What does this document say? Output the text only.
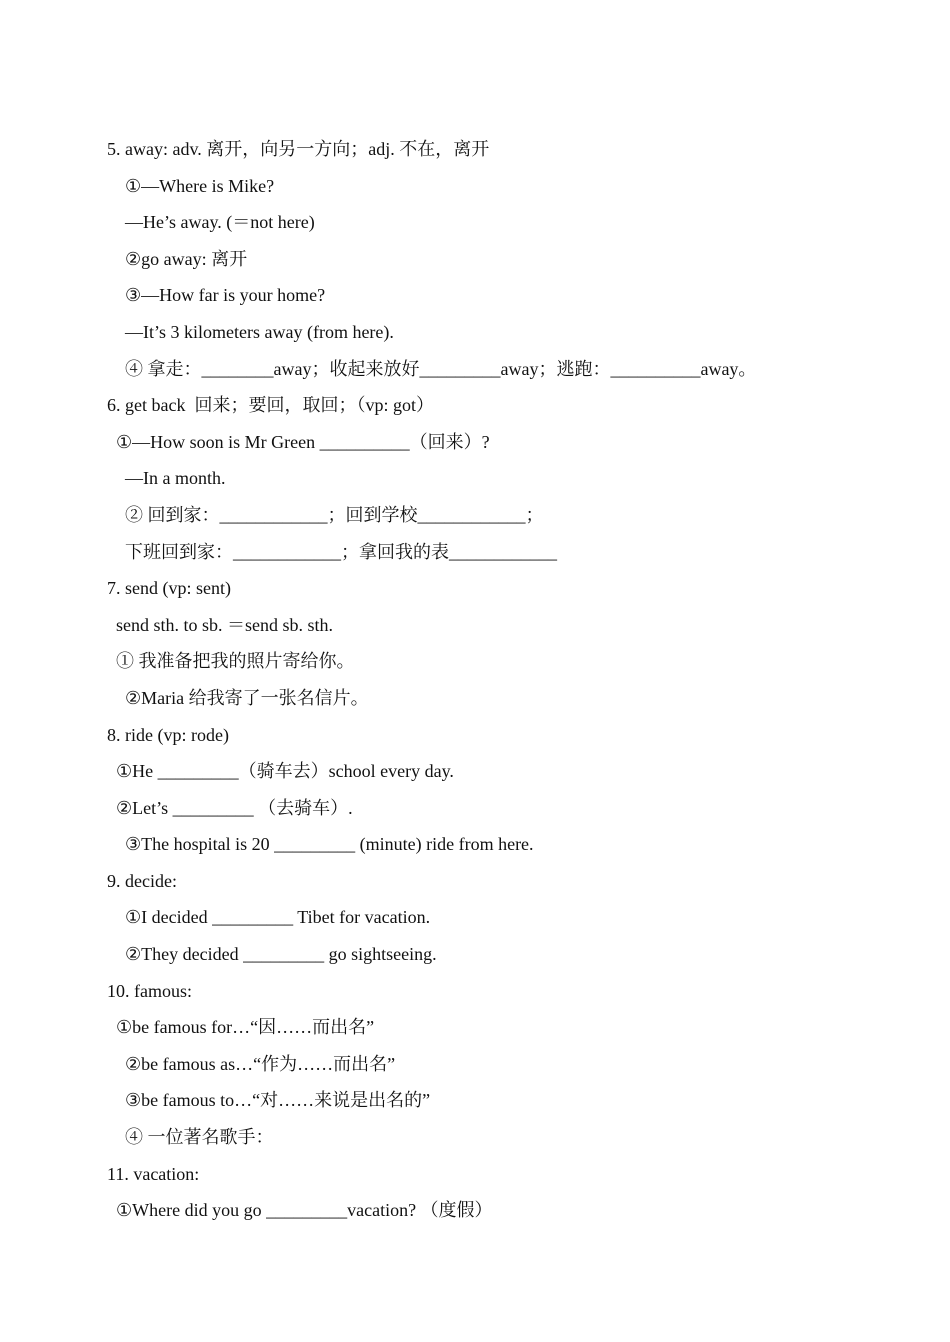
5. away: adv. 离开，向另一方向；adj. 不在，离开
①—Where is Mike?
—He’s away. (＝not here)
②go away: 离开
③—How far is your home?
—It’s 3 kilometers away (from here).
④ 拿走：________away；收起来放好_________away；逃跑：__________away。
6. get back  回来；要回，取回；（vp: got）
①—How soon is Mr Green __________（回来）?
—In a month.
② 回到家：____________；回到学校____________；
下班回到家：____________；拿回我的表____________
7. send (vp: sent)
send sth. to sb. ＝send sb. sth.
① 我准备把我的照片寄给你。
②Maria 给我寄了一张名信片。
8. ride (vp: rode)
①He _________（骑车去）school every day.
②Let’s _________ （去骑车）.
③The hospital is 20 _________ (minute) ride from here.
9. decide:
①I decided _________ Tibet for vacation.
②They decided _________ go sightseeing.
10. famous:
①be famous for…“因……而出名”
②be famous as…“作为……而出名”
③be famous to…“对……来说是出名的”
④ 一位著名歌手：
11. vacation:
①Where did you go _________vacation? （度假）
